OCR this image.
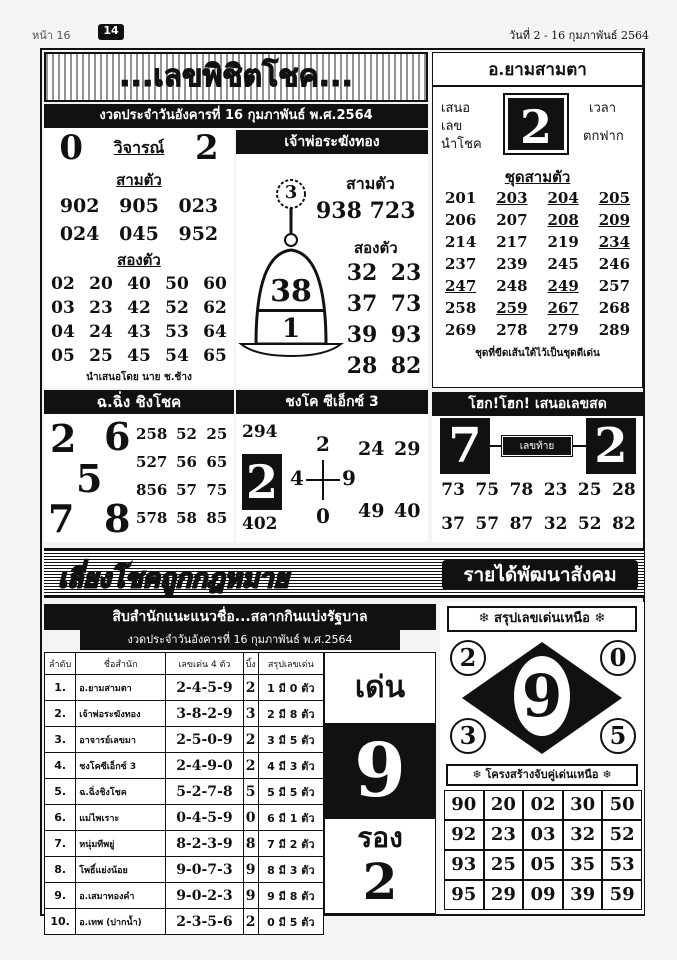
หน้า 16	14	วันที่ 2 - 16 กุมภาพันธ์ 2564
...เลขพิชิตโชค...
งวดประจำวันอังคารที่ 16 กุมภาพันธ์ พ.ศ.2564
0 วิจารณ์ 2
สามตัว
902	905	023
024	045	952
สองตัว
02 20 40 50 60
03 23 42 52 62
04 24 43 53 64
05 25 45 54 65
นำเสนอโดย นาย ช.ช้าง
เจ้าพ่อระฆังทอง
3
38
1
สามตัว
938 723
สองตัว
32 23
37 73
39 93
28 82
อ.ยามสามตา
เสนอ
เลข
นำโชค 2	เวลา
ตกฟาก
ชุดสามตัว
201	203	204	205
206	207	208	209
214	217	219	234
237	239	245	246
247	248	249	257
258	259	267	268
269	278	279	289
ชุดที่ขีดเส้นใต้ไว้เป็นชุดตีเด่น
ฉ.ฉิ่ง ชิงโชค
2 6
5
7 8
258 52 25
527 56 65
856 57 75
578 58 85
ชงโค ซีเอ็กซ์ 3
294
2
402
2
4 9
0
24 29
49 40
โฮก!โฮก! เสนอเลขสด
7	เลขท้าย 2
73 75 78 23 25 28
37 57 87 32 52 82
เลี่ยงโชคถูกกฎหมาย	รายได้พัฒนาสังคม
สิบสำนักแนะแนวชื่อ...สลากกินแบ่งรัฐบาล
งวดประจำวันอังคารที่ 16 กุมภาพันธ์ พ.ศ.2564
ลำดับ	ชื่อสำนัก	เลขเด่น 4 ตัว	บิ้ง	สรุปเลขเด่น
1.	อ.ยามสามตา	2-4-5-9	2	1 มี 0 ตัว
2.	เจ้าพ่อระฆังทอง	3-8-2-9	3	2 มี 8 ตัว
3.	อาจารย์เลขมา	2-5-0-9	2	3 มี 5 ตัว
4.	ชงโคซีเอ็กซ์ 3	2-4-9-0	2	4 มี 3 ตัว
5.	ฉ.ฉิ่งชิงโชค	5-2-7-8	5	5 มี 5 ตัว
6.	แม่ไพเราะ	0-4-5-9	0	6 มี 1 ตัว
7.	หนุ่มทีพยู่	8-2-3-9	8	7 มี 2 ตัว
8.	โพธิ์แย่งน้อย	9-0-7-3	9	8 มี 3 ตัว
9.	อ.เสมาทองคำ	9-0-2-3	9	9 มี 8 ตัว
10.	อ.เทพ (ปากน้ำ)	2-3-5-6	2	0 มี 5 ตัว
เด่น
9
รอง
2
❄ สรุปเลขเด่นเหนือ ❄
9
2	0
3	5
❄ โครงสร้างจับคู่เด่นเหนือ ❄
90 20 02 30 50
92 23 03 32 52
93 25 05 35 53
95 29 09 39 59
